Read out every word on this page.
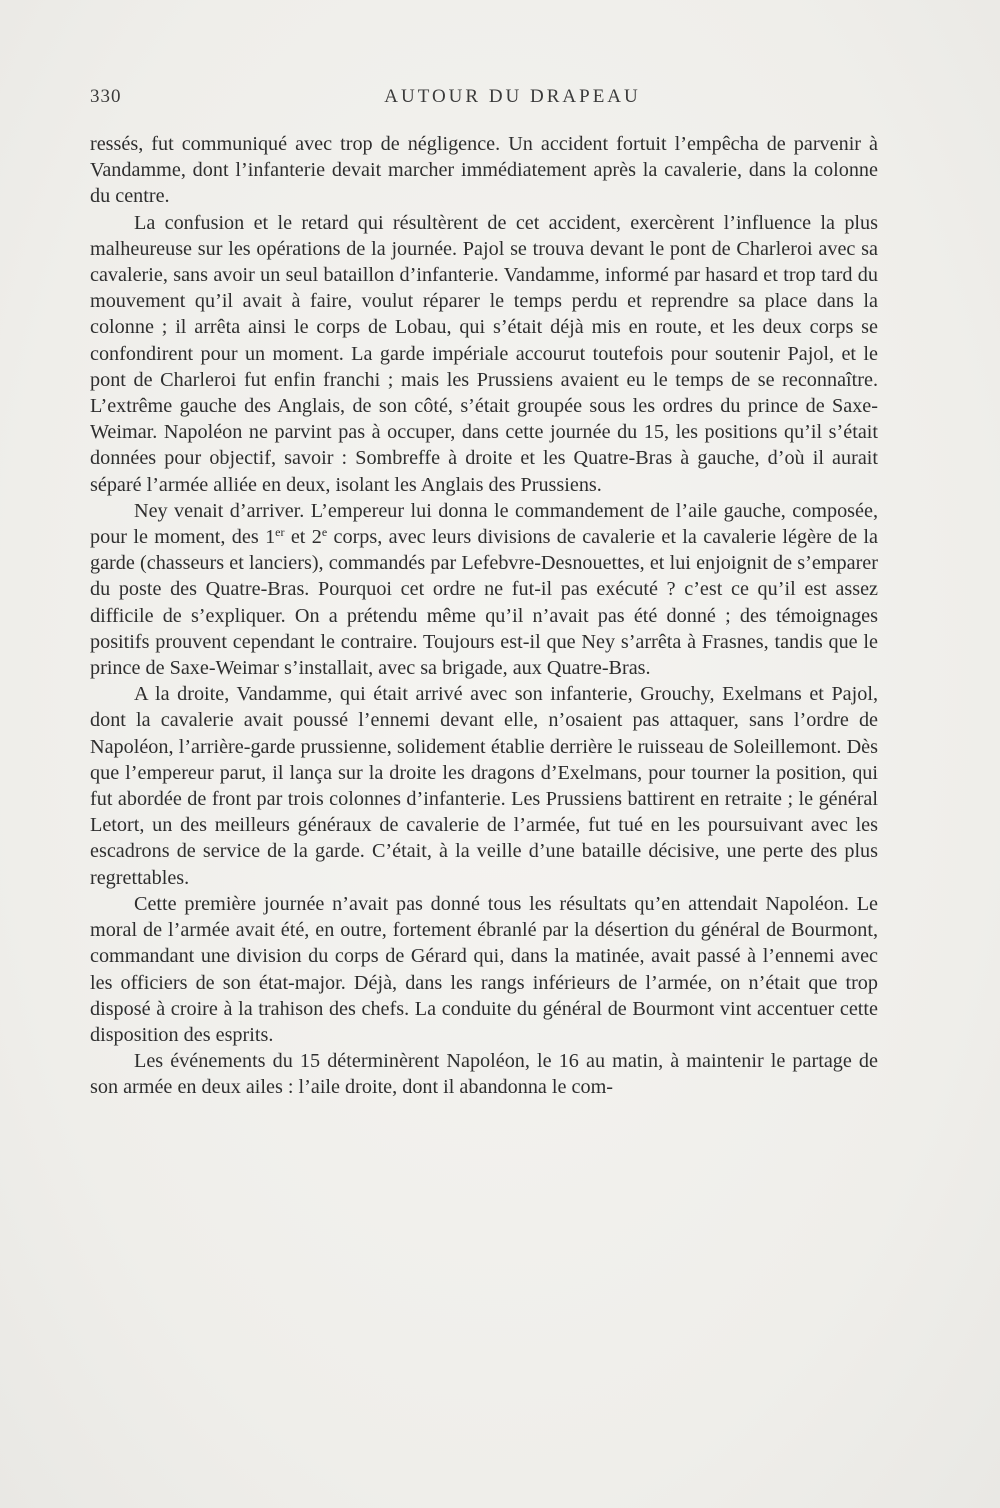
330	AUTOUR DU DRAPEAU

ressés, fut communiqué avec trop de négligence. Un accident fortuit l’empêcha de parvenir à Vandamme, dont l’infanterie devait marcher immédiatement après la cavalerie, dans la colonne du centre.

La confusion et le retard qui résultèrent de cet accident, exercèrent l’influence la plus malheureuse sur les opérations de la journée. Pajol se trouva devant le pont de Charleroi avec sa cavalerie, sans avoir un seul bataillon d’infanterie. Vandamme, informé par hasard et trop tard du mouvement qu’il avait à faire, voulut réparer le temps perdu et reprendre sa place dans la colonne ; il arrêta ainsi le corps de Lobau, qui s’était déjà mis en route, et les deux corps se confondirent pour un moment. La garde impériale accourut toutefois pour soutenir Pajol, et le pont de Charleroi fut enfin franchi ; mais les Prussiens avaient eu le temps de se reconnaître. L’extrême gauche des Anglais, de son côté, s’était groupée sous les ordres du prince de Saxe-Weimar. Napoléon ne parvint pas à occuper, dans cette journée du 15, les positions qu’il s’était données pour objectif, savoir : Sombreffe à droite et les Quatre-Bras à gauche, d’où il aurait séparé l’armée alliée en deux, isolant les Anglais des Prussiens.

Ney venait d’arriver. L’empereur lui donna le commandement de l’aile gauche, composée, pour le moment, des 1er et 2e corps, avec leurs divisions de cavalerie et la cavalerie légère de la garde (chasseurs et lanciers), commandés par Lefebvre-Desnouettes, et lui enjoignit de s’emparer du poste des Quatre-Bras. Pourquoi cet ordre ne fut-il pas exécuté ? c’est ce qu’il est assez difficile de s’expliquer. On a prétendu même qu’il n’avait pas été donné ; des témoignages positifs prouvent cependant le contraire. Toujours est-il que Ney s’arrêta à Frasnes, tandis que le prince de Saxe-Weimar s’installait, avec sa brigade, aux Quatre-Bras.

A la droite, Vandamme, qui était arrivé avec son infanterie, Grouchy, Exelmans et Pajol, dont la cavalerie avait poussé l’ennemi devant elle, n’osaient pas attaquer, sans l’ordre de Napoléon, l’arrière-garde prussienne, solidement établie derrière le ruisseau de Soleillemont. Dès que l’empereur parut, il lança sur la droite les dragons d’Exelmans, pour tourner la position, qui fut abordée de front par trois colonnes d’infanterie. Les Prussiens battirent en retraite ; le général Letort, un des meilleurs généraux de cavalerie de l’armée, fut tué en les poursuivant avec les escadrons de service de la garde. C’était, à la veille d’une bataille décisive, une perte des plus regrettables.

Cette première journée n’avait pas donné tous les résultats qu’en attendait Napoléon. Le moral de l’armée avait été, en outre, fortement ébranlé par la désertion du général de Bourmont, commandant une division du corps de Gérard qui, dans la matinée, avait passé à l’ennemi avec les officiers de son état-major. Déjà, dans les rangs inférieurs de l’armée, on n’était que trop disposé à croire à la trahison des chefs. La conduite du général de Bourmont vint accentuer cette disposition des esprits.

Les événements du 15 déterminèrent Napoléon, le 16 au matin, à maintenir le partage de son armée en deux ailes : l’aile droite, dont il abandonna le com-
